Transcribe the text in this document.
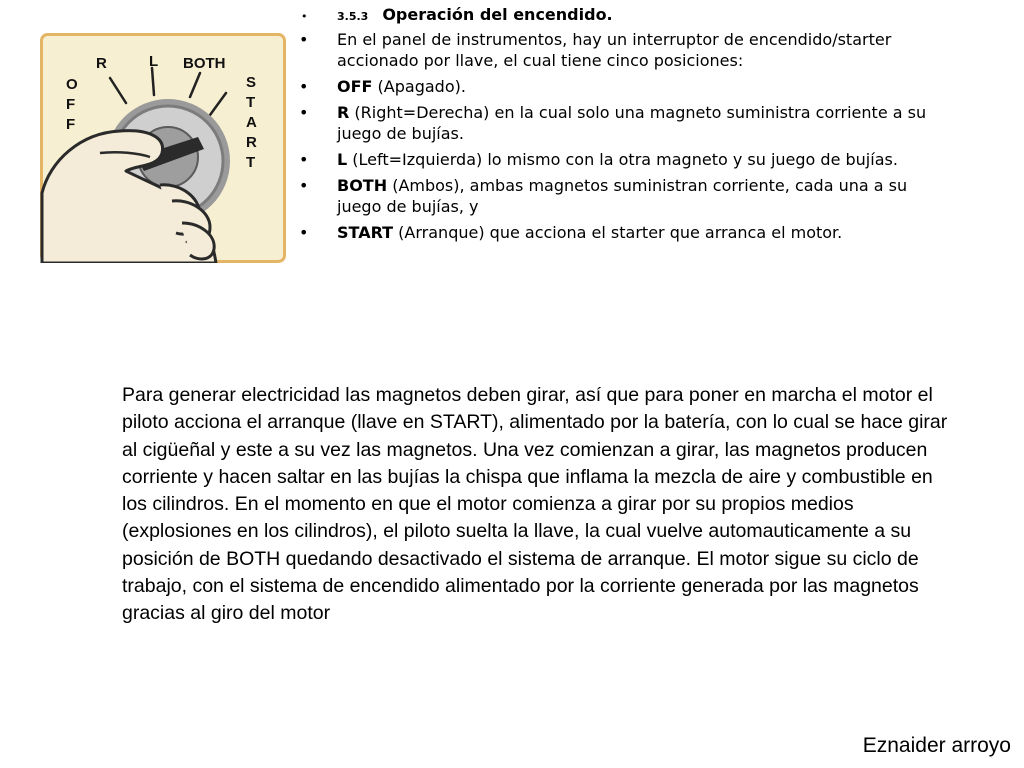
R	L BOTH
O
F
F
S
T
A
R
T
•	3.5.3 Operación del encendido.
• En el panel de instrumentos, hay un interruptor de encendido/starter accionado por llave, el cual tiene cinco posiciones:
• OFF (Apagado).
• R (Right=Derecha) en la cual solo una magneto suministra corriente a su juego de bujías.
• L (Left=Izquierda) lo mismo con la otra magneto y su juego de bujías.
• BOTH (Ambos), ambas magnetos suministran corriente, cada una a su juego de bujías, y
• START (Arranque) que acciona el starter que arranca el motor.

Para generar electricidad las magnetos deben girar, así que para poner en marcha el motor el piloto acciona el arranque (llave en START), alimentado por la batería, con lo cual se hace girar al cigüeñal y este a su vez las magnetos. Una vez comienzan a girar, las magnetos producen corriente y hacen saltar en las bujías la chispa que inflama la mezcla de aire y combustible en los cilindros. En el momento en que el motor comienza a girar por su propios medios (explosiones en los cilindros), el piloto suelta la llave, la cual vuelve automauticamente a su posición de BOTH quedando desactivado el sistema de arranque. El motor sigue su ciclo de trabajo, con el sistema de encendido alimentado por la corriente generada por las magnetos gracias al giro del motor

Eznaider arroyo
